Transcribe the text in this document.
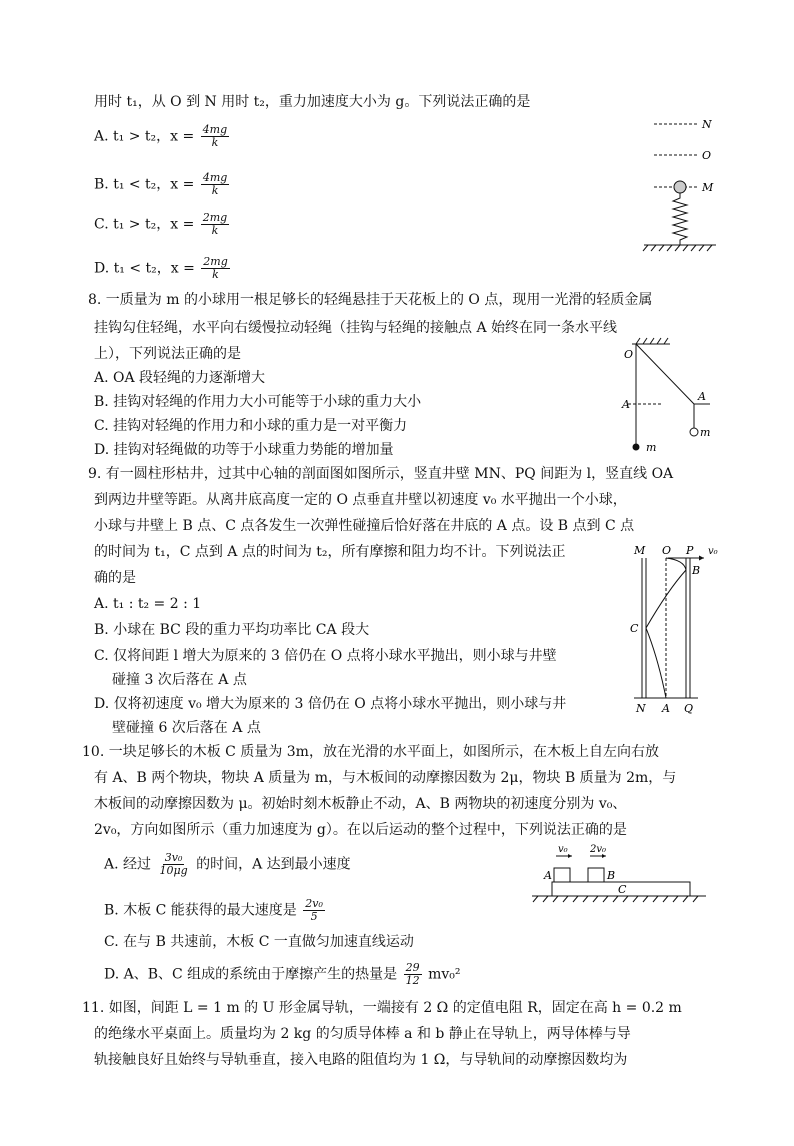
用时 t₁，从 O 到 N 用时 t₂，重力加速度大小为 g。下列说法正确的是
A. t₁ > t₂，$x = \frac{4mg}{k}$
B. t₁ < t₂，$x = \frac{4mg}{k}$
C. t₁ > t₂，$x = \frac{2mg}{k}$
D. t₁ < t₂，$x = \frac{2mg}{k}$
N
O
M
8. 一质量为 m 的小球用一根足够长的轻绳悬挂于天花板上的 O 点，现用一光滑的轻质金属
挂钩勾住轻绳，水平向右缓慢拉动轻绳（挂钩与轻绳的接触点 A 始终在同一条水平线
上），下列说法正确的是
A. OA 段轻绳的力逐渐增大
B. 挂钩对轻绳的作用力大小可能等于小球的重力大小
C. 挂钩对轻绳的作用力和小球的重力是一对平衡力
D. 挂钩对轻绳做的功等于小球重力势能的增加量
O
m
A
A
m
9. 有一圆柱形枯井，过其中心轴的剖面图如图所示，竖直井壁 MN、PQ 间距为 l，竖直线 OA
到两边井壁等距。从离井底高度一定的 O 点垂直井壁以初速度 v₀ 水平抛出一个小球，
小球与井壁上 B 点、C 点各发生一次弹性碰撞后恰好落在井底的 A 点。设 B 点到 C 点
的时间为 t₁，C 点到 A 点的时间为 t₂，所有摩擦和阻力均不计。下列说法正
确的是
A. t₁ : t₂ = 2 : 1
B. 小球在 BC 段的重力平均功率比 CA 段大
C. 仅将间距 l 增大为原来的 3 倍仍在 O 点将小球水平抛出，则小球与井壁
碰撞 3 次后落在 A 点
D. 仅将初速度 v₀ 增大为原来的 3 倍仍在 O 点将小球水平抛出，则小球与井
壁碰撞 6 次后落在 A 点
M O P v₀
B
C
N A Q
10. 一块足够长的木板 C 质量为 3m，放在光滑的水平面上，如图所示，在木板上自左向右放
有 A、B 两个物块，物块 A 质量为 m，与木板间的动摩擦因数为 2μ，物块 B 质量为 2m，与
木板间的动摩擦因数为 μ。初始时刻木板静止不动，A、B 两物块的初速度分别为 v₀、
2v₀，方向如图所示（重力加速度为 g）。在以后运动的整个过程中，下列说法正确的是
A. 经过 $\frac{\text{3v₀}}{10\mu g}$ 的时间，A 达到最小速度
B. 木板 C 能获得的最大速度是 $\frac{\text{2v₀}}{5}$
C. 在与 B 共速前，木板 C 一直做匀加速直线运动
D. A、B、C 组成的系统由于摩擦产生的热量是 $\frac{29}{12} mv_0^2$
v₀ 2v₀
A	B
C
11. 如图，间距 L = 1 m 的 U 形金属导轨，一端接有 2 Ω 的定值电阻 R，固定在高 h = 0.2 m
的绝缘水平桌面上。质量均为 2 kg 的匀质导体棒 a 和 b 静止在导轨上，两导体棒与导
轨接触良好且始终与导轨垂直，接入电路的阻值均为 1 Ω，与导轨间的动摩擦因数均为
